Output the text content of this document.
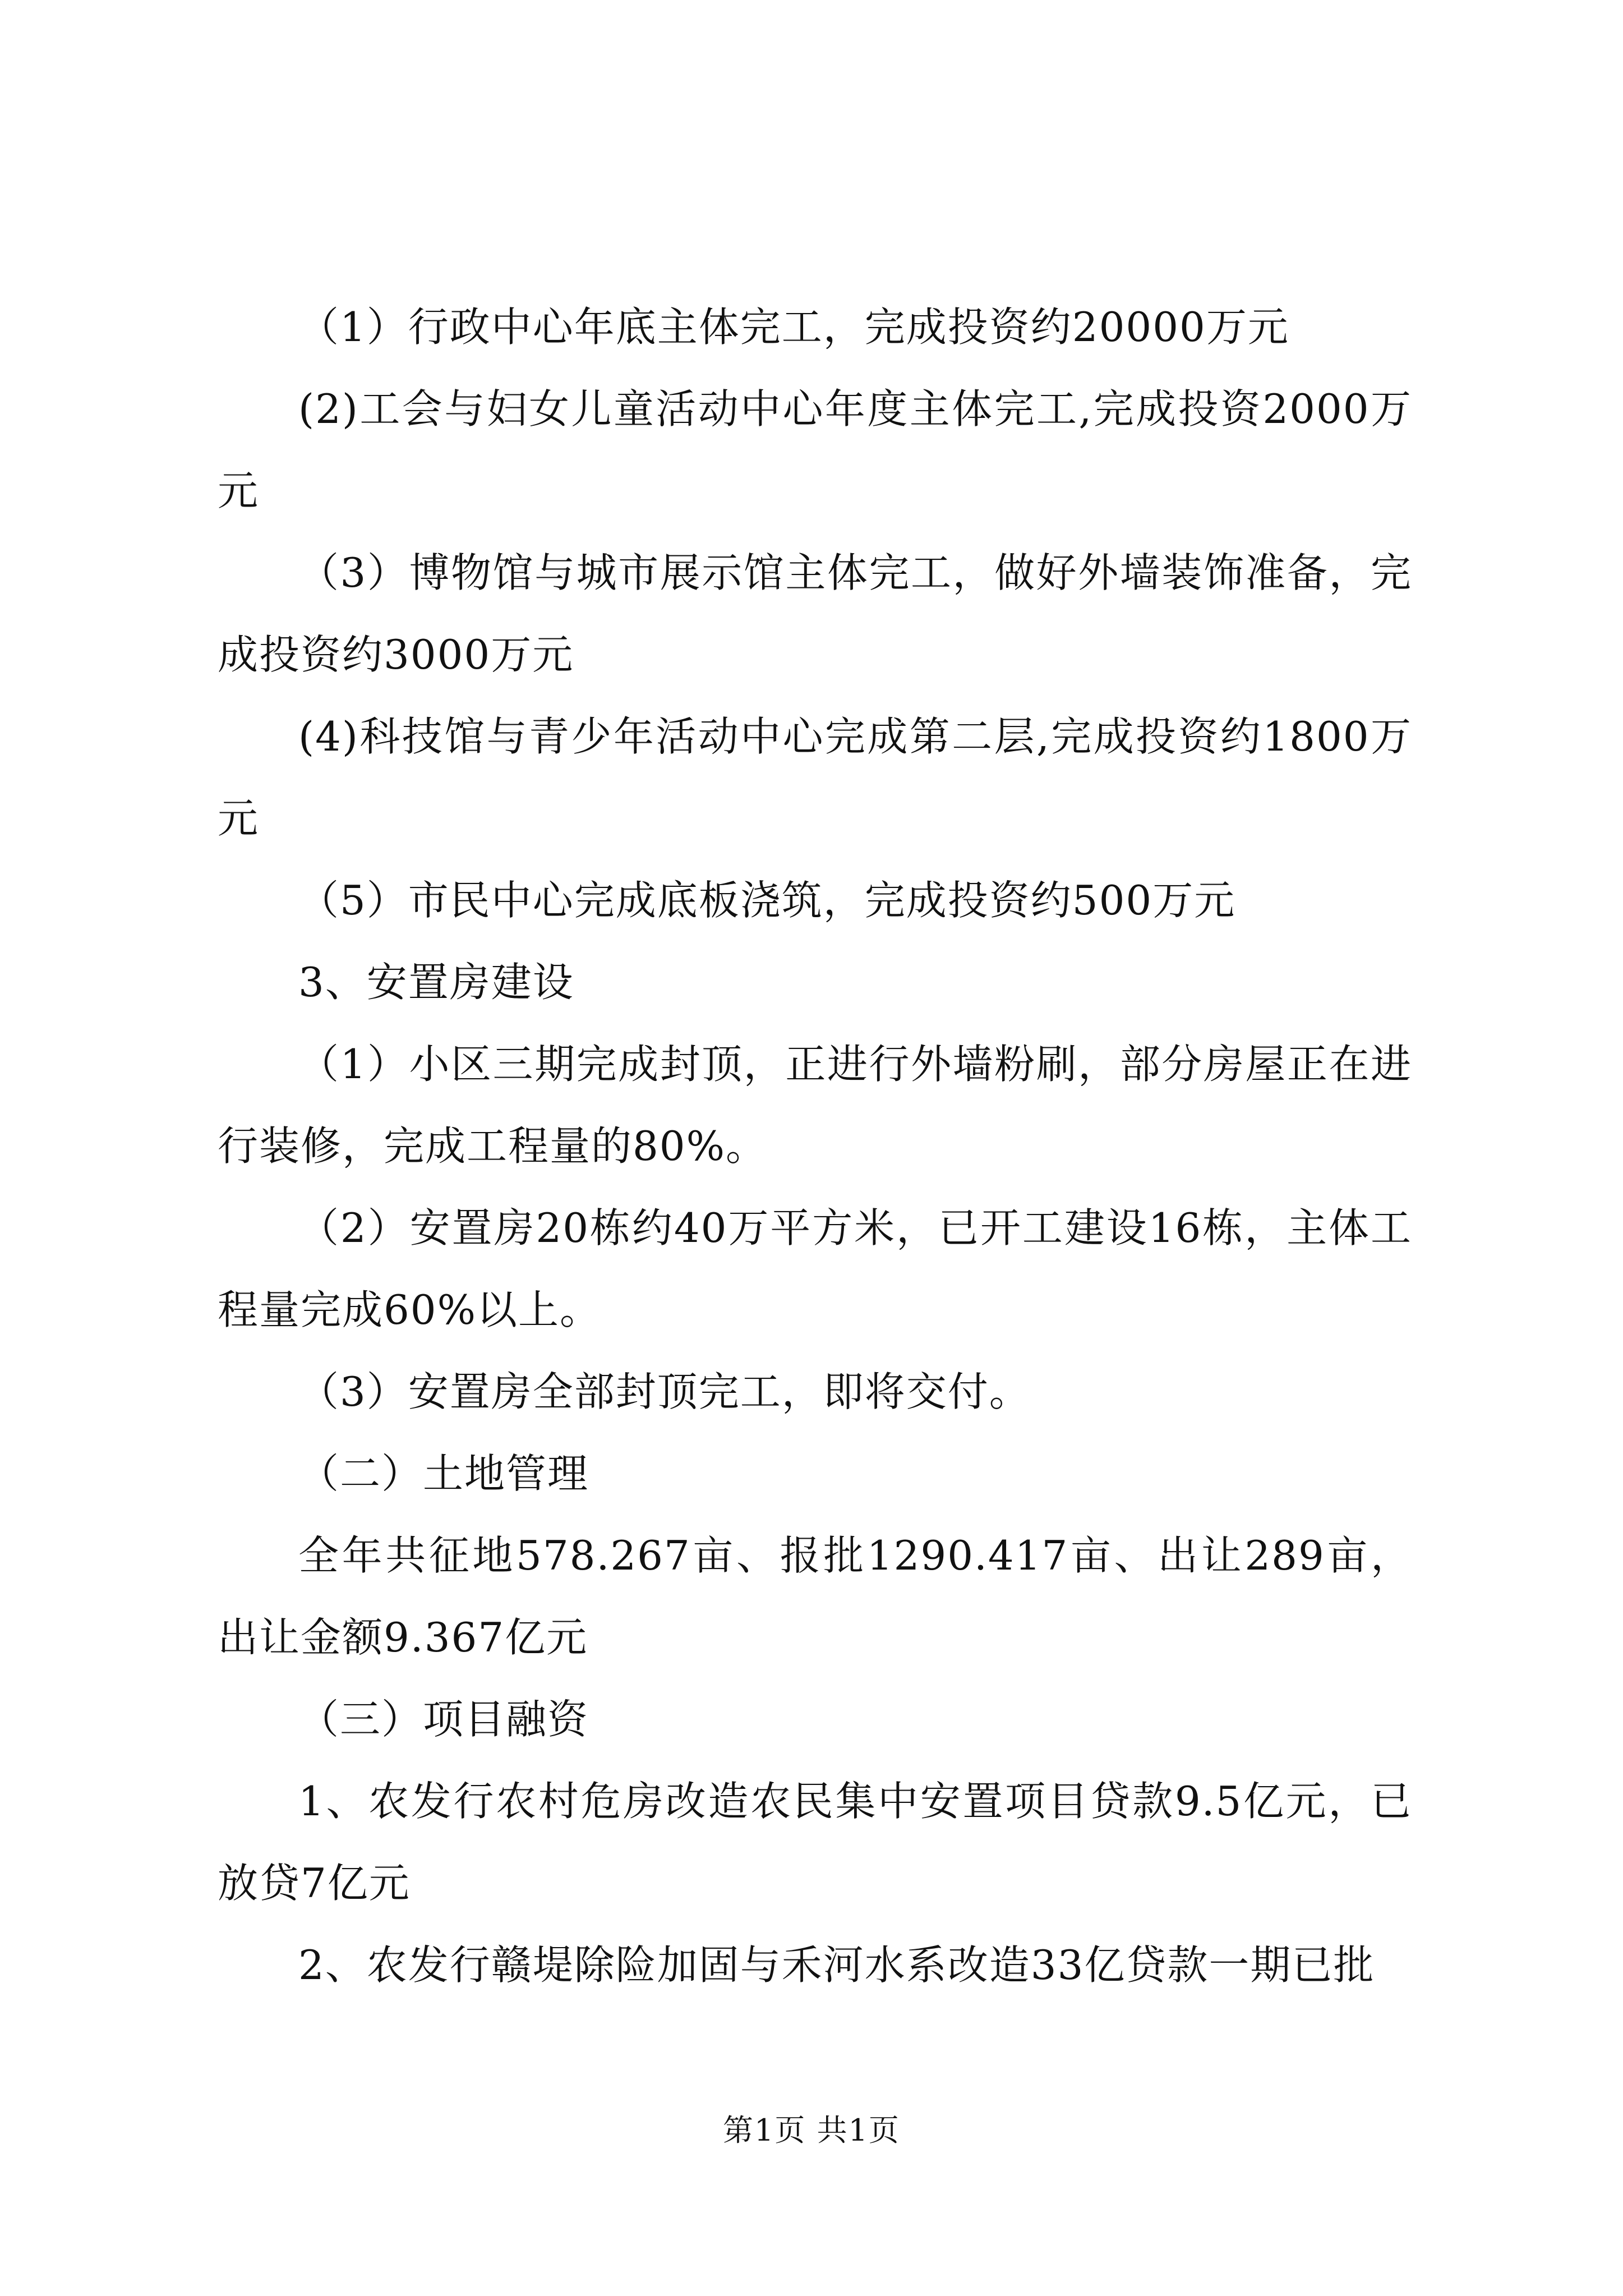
（1）行政中心年底主体完工，完成投资约20000万元

(2)工会与妇女儿童活动中心年度主体完工,完成投资2000万元

（3）博物馆与城市展示馆主体完工，做好外墙装饰准备，完成投资约3000万元

(4)科技馆与青少年活动中心完成第二层,完成投资约1800万元

（5）市民中心完成底板浇筑，完成投资约500万元

3、安置房建设

（1）小区三期完成封顶，正进行外墙粉刷，部分房屋正在进行装修，完成工程量的80%。

（2）安置房20栋约40万平方米，已开工建设16栋，主体工程量完成60%以上。

（3）安置房全部封顶完工，即将交付。

（二）土地管理

全年共征地578.267亩、报批1290.417亩、出让289亩，出让金额9.367亿元

（三）项目融资

1、农发行农村危房改造农民集中安置项目贷款9.5亿元，已放贷7亿元

2、农发行赣堤除险加固与禾河水系改造33亿贷款一期已批

第1页 共1页
